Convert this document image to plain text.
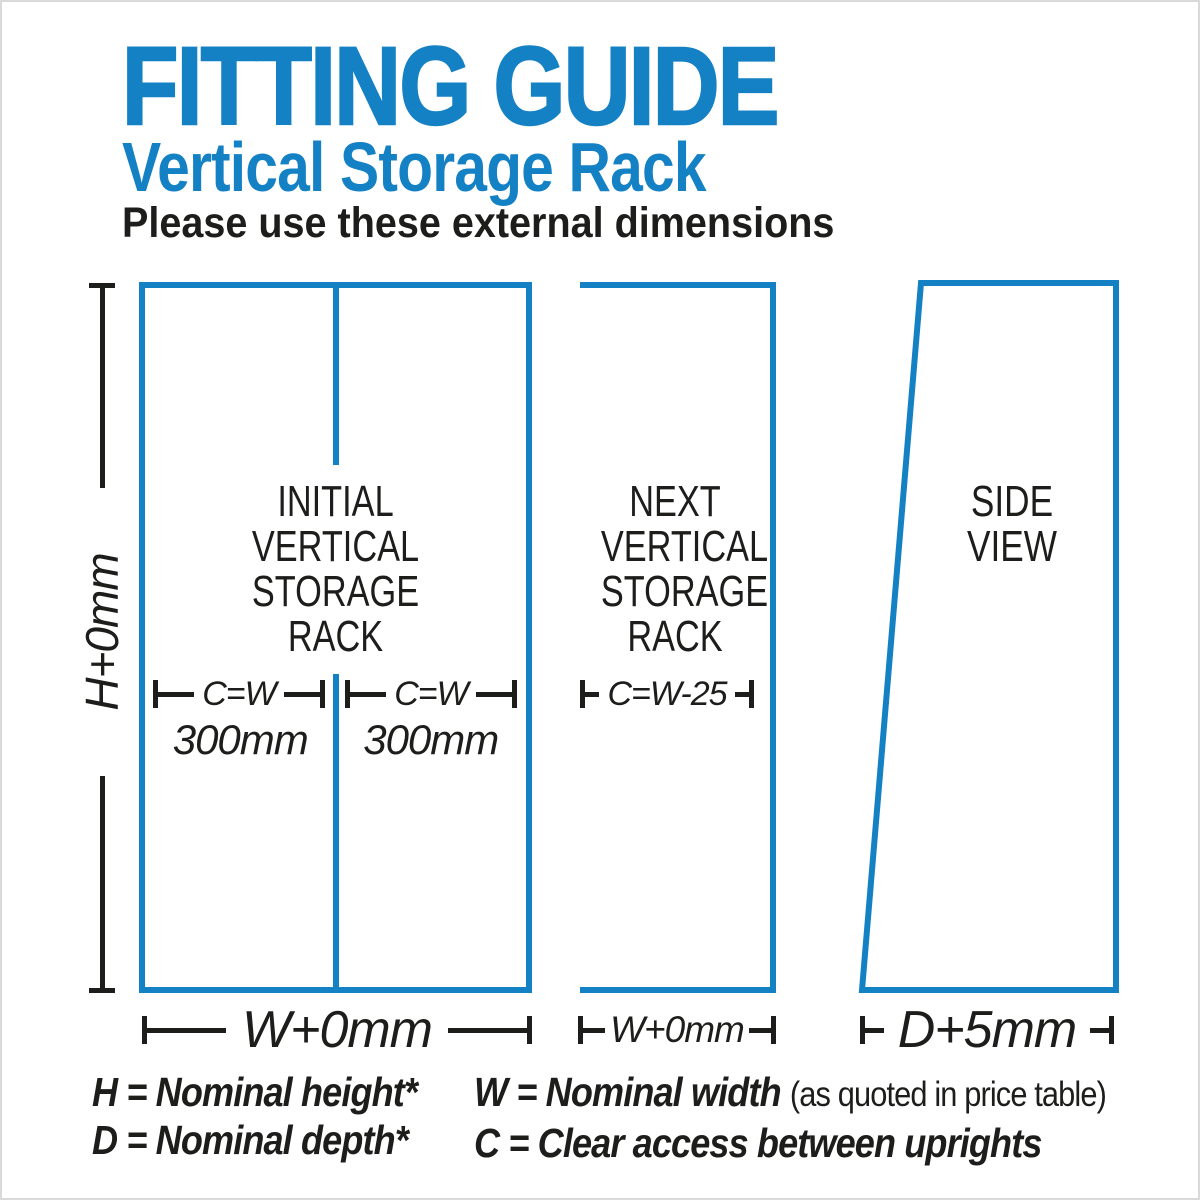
FITTING GUIDE
Vertical Storage Rack

Please use these external dimensions

H+0mm
INITIAL
VERTICAL
STORAGE
RACK
C=W	C=W
300mm	300mm
NEXT
VERTICAL
STORAGE
RACK
C=W-25
SIDE
VIEW
W+0mm	W+0mm	D+5mm
H = Nominal height*
D = Nominal depth*
W = Nominal width (as quoted in price table)
C = Clear access between uprights
